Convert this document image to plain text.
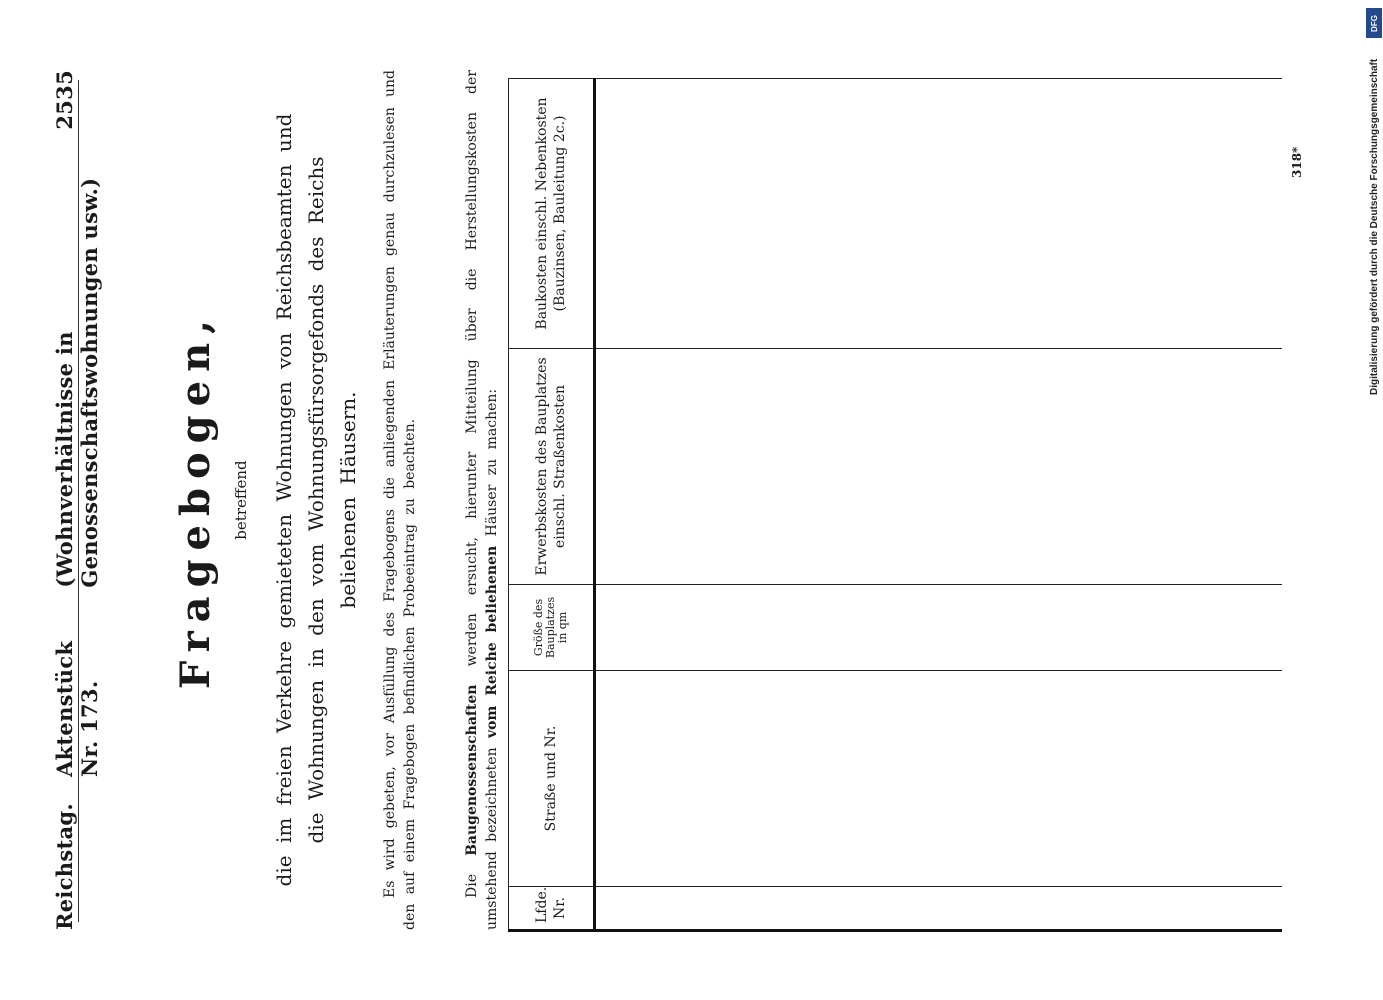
Reichstag.
Aktenstück Nr. 173.
(Wohnverhältnisse in Genossenschaftswohnungen usw.)
2535
Fragebogen, betreffend die im freien Verkehre gemieteten Wohnungen von Reichsbeamten und die Wohnungen in den vom Wohnungsfürsorgefonds des Reichs beliehenen Häusern. Es wird gebeten, vor Ausfüllung des Fragebogens die anliegenden Erläuterungen genau durchzulesen und den auf einem Fragebogen befindlichen Probeeintrag zu beachten.	Die Baugenossenschaften werden ersucht, hierunter Mitteilung über die Herstellungskosten der umstehend bezeichneten vom Reiche beliehenen Häuser zu machen:
Lfde. Nr.	Straße und Nr.	Größe des Bauplatzes in qm	Erwerbskosten des Bauplatzes einschl. Straßenkosten	Baukosten einschl. Nebenkosten (Bauzinsen, Bauleitung 2c.)
					318*
DFG
Digitalisierung gefördert durch die Deutsche Forschungsgemeinschaft
